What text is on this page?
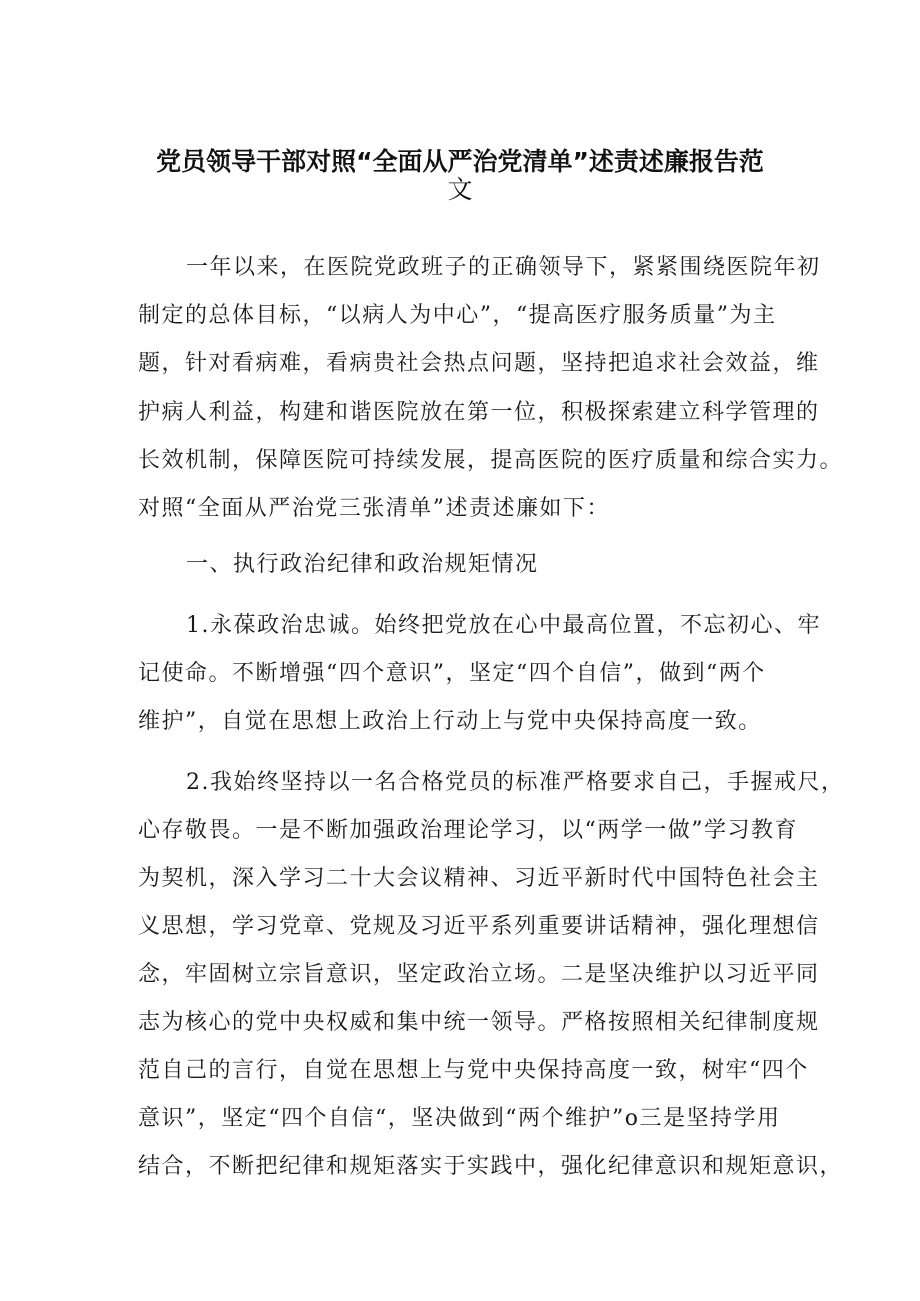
党员领导干部对照“全面从严治党清单”述责述廉报告范
文
一年以来，在医院党政班子的正确领导下，紧紧围绕医院年初
制定的总体目标，“以病人为中心”，“提高医疗服务质量”为主
题，针对看病难，看病贵社会热点问题，坚持把追求社会效益，维
护病人利益，构建和谐医院放在第一位，积极探索建立科学管理的
长效机制，保障医院可持续发展，提高医院的医疗质量和综合实力。
对照“全面从严治党三张清单”述责述廉如下：
一、执行政治纪律和政治规矩情况
1.永葆政治忠诚。始终把党放在心中最高位置，不忘初心、牢
记使命。不断增强“四个意识”，坚定“四个自信”，做到“两个
维护”，自觉在思想上政治上行动上与党中央保持高度一致。
2.我始终坚持以一名合格党员的标准严格要求自己，手握戒尺，
心存敬畏。一是不断加强政治理论学习，以“两学一做”学习教育
为契机，深入学习二十大会议精神、习近平新时代中国特色社会主
义思想，学习党章、党规及习近平系列重要讲话精神，强化理想信
念，牢固树立宗旨意识，坚定政治立场。二是坚决维护以习近平同
志为核心的党中央权威和集中统一领导。严格按照相关纪律制度规
范自己的言行，自觉在思想上与党中央保持高度一致，树牢“四个
意识”，坚定“四个自信“，坚决做到“两个维护”o三是坚持学用
结合，不断把纪律和规矩落实于实践中，强化纪律意识和规矩意识，
